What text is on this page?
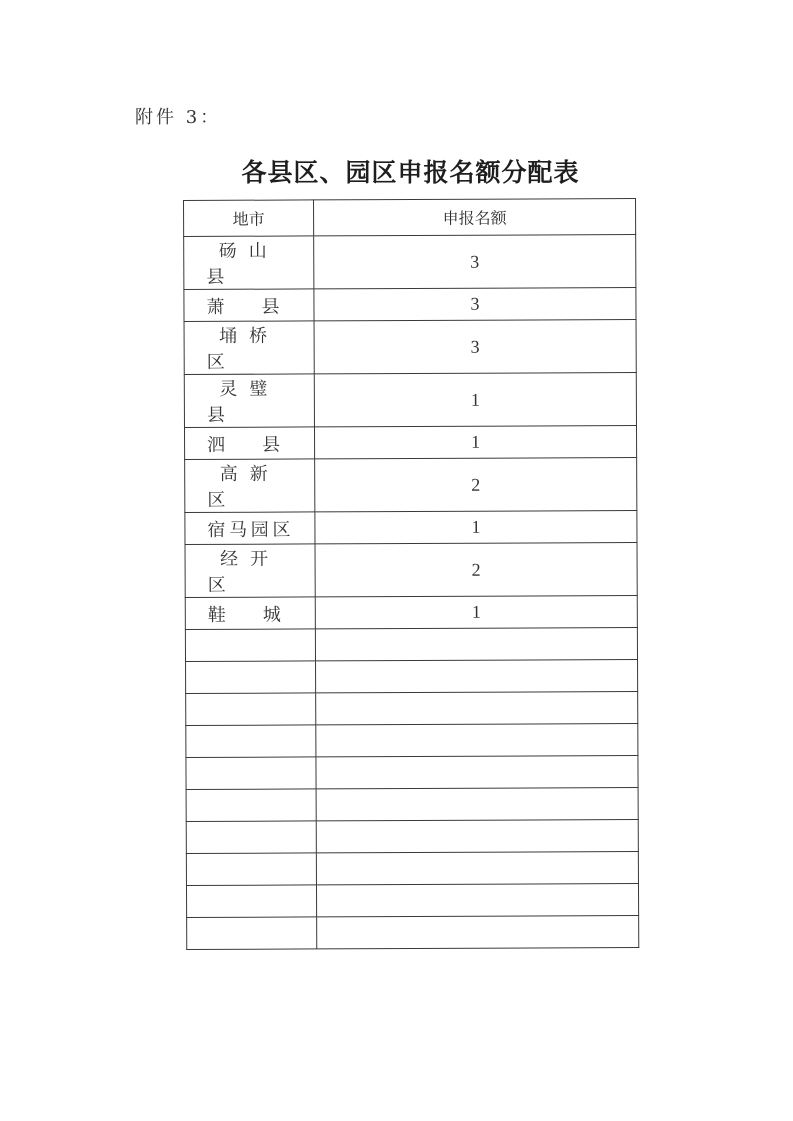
附件 3：
各县区、园区申报名额分配表
地市	申报名额
砀山县	3
萧县	3
埇桥区	3
灵璧县	1
泗县	1
高新区	2
宿马园区	1
经开区	2
鞋城	1
